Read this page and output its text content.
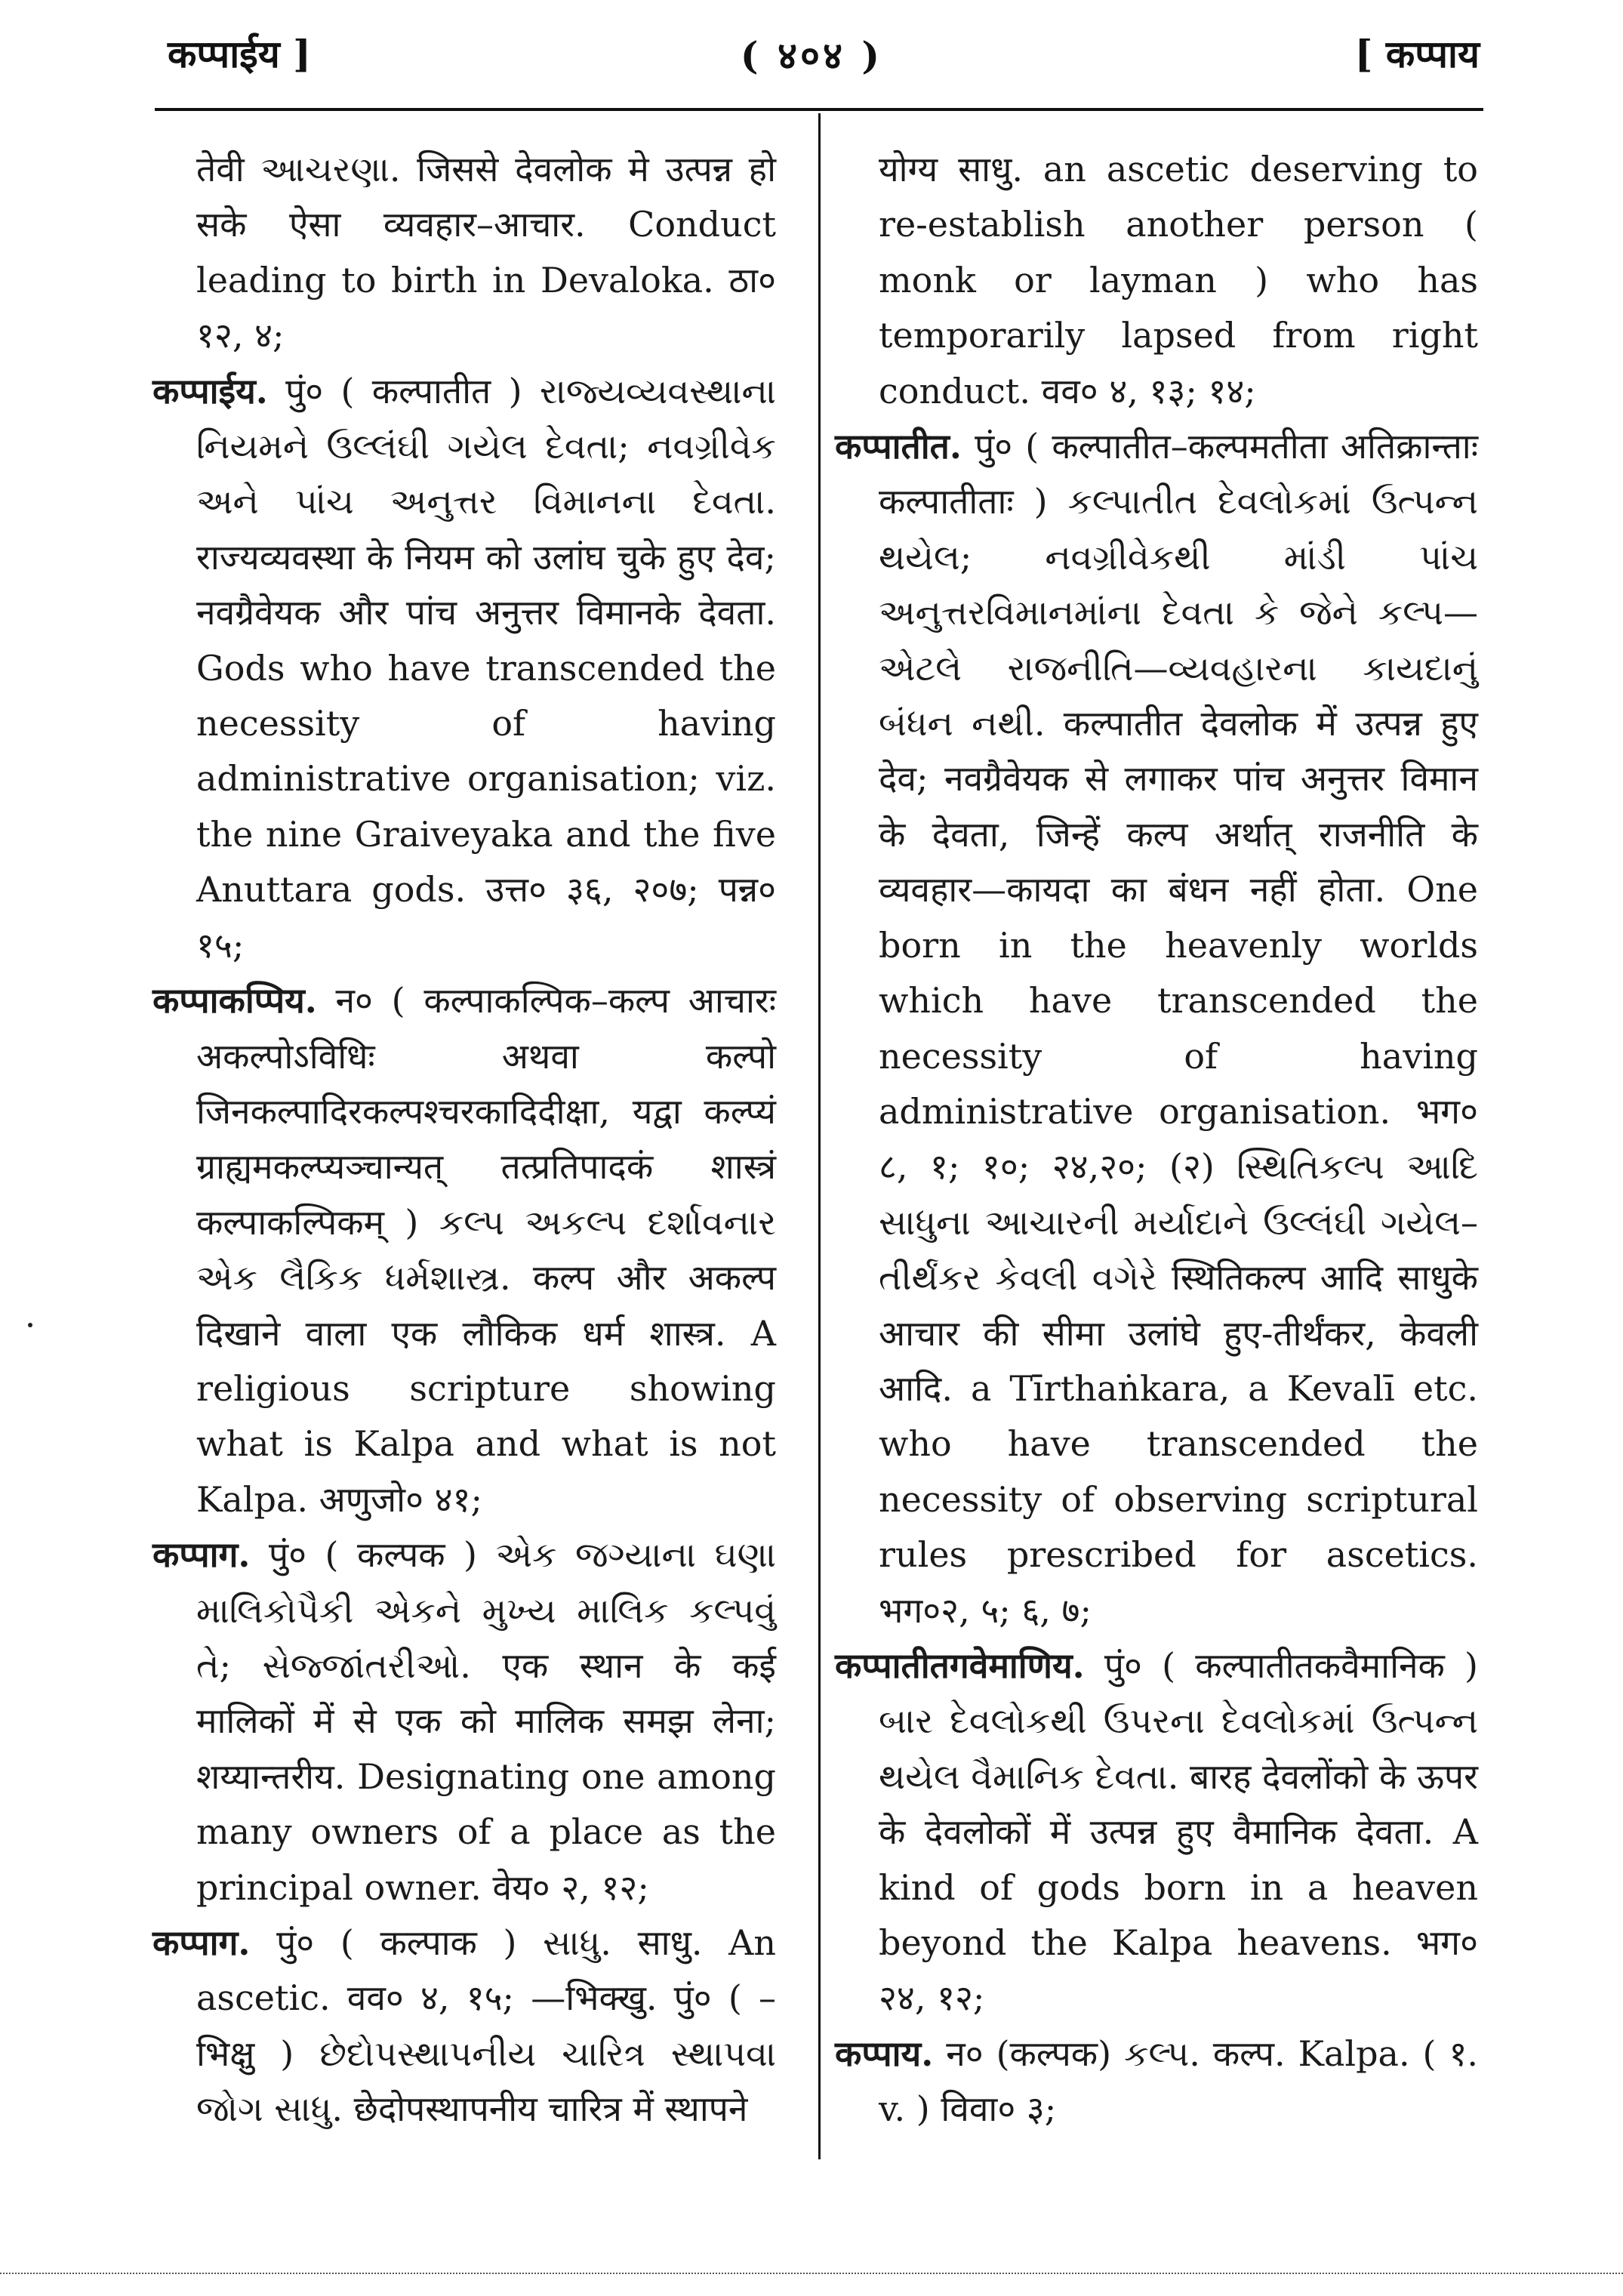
कप्पाईय ]	( ४०४ )	[ कप्पाय

तेवी આચરણા. जिससे देवलोक मे उत्पन्न हो सके ऐसा व्यवहार–आचार. Conduct leading to birth in Devaloka. ठा० १२, ४;

कप्पाईय. पुं० ( कल्पातीत ) રાજ્યવ્યવસ્થાના નિયમને ઉલ્લંઘી ગયેલ દેવતા; નવગ્રીવેક અને પાંચ અનુત્તર વિમાનના દેવતા. राज्यव्यवस्था के नियम को उलांघ चुके हुए देव; नवग्रैवेयक और पांच अनुत्तर विमानके देवता. Gods who have transcended the necessity of having administrative organisation; viz. the nine Graiveyaka and the five Anuttara gods. उत्त० ३६, २०७; पन्न० १५;

कप्पाकप्पिय. न० ( कल्पाकल्पिक–कल्प आचारः अकल्पोऽविधिः अथवा कल्पो जिनकल्पादिरकल्पश्चरकादिदीक्षा, यद्वा कल्प्यं ग्राह्यमकल्प्यञ्चान्यत् तत्प्रतिपादकं शास्त्रं कल्पाकल्पिकम् ) કલ્પ અકલ્પ દર્શાવનાર એક લૈકિક ધર્મશાસ્ત્ર. कल्प और अकल्प दिखाने वाला एक लौकिक धर्म शास्त्र. A religious scripture showing what is Kalpa and what is not Kalpa. अणुजो० ४१;

कप्पाग. पुं० ( कल्पक ) એક જગ્યાના ઘણા માલિકોપૈકી એકને મુખ્ય માલિક કલ્પવું તે; સેજ્જાંતરીઓ. एक स्थान के कई मालिकों में से एक को मालिक समझ लेना; शय्यान्तरीय. Designating one among many owners of a place as the principal owner. वेय० २, १२;

कप्पाग. पुं० ( कल्पाक ) સાધુ. साधु. An ascetic. वव० ४, १५; —भिक्खु. पुं० ( –भिक्षु ) છેદોપસ્થાપનીય ચારિત્ર સ્થાપવા જોગ સાધુ. छेदोपस्थापनीय चारित्र में स्थापने

योग्य साधु. an ascetic deserving to re-establish another person ( monk or layman ) who has temporarily lapsed from right conduct. वव० ४, १३; १४;

कप्पातीत. पुं० ( कल्पातीत–कल्पमतीता अतिक्रान्ताः कल्पातीताः ) કલ્પાતીત દેવલોકમાં ઉત્પન્ન થયેલ; નવગ્રીવેકથી માંડી પાંચ અનુત્તરવિમાનમાંના દેવતા કે જેને કલ્પ—એટલે રાજનીતિ—વ્યવહારના કાયદાનું બંધન નથી. कल्पातीत देवलोक में उत्पन्न हुए देव; नवग्रैवेयक से लगाकर पांच अनुत्तर विमान के देवता, जिन्हें कल्प अर्थात् राजनीति के व्यवहार—कायदा का बंधन नहीं होता. One born in the heavenly worlds which have transcended the necessity of having administrative organisation. भग० ८, १; १०; २४,२०; (२) સ્થિતિકલ્પ આદિ સાધુના આચારની મર્યાદાને ઉલ્લંઘી ગયેલ–તીર્થંકર કેવલી વગેરે स्थितिकल्प आदि साधुके आचार की सीमा उलांघे हुए-तीर्थंकर, केवली आदि. a Tīrthaṅkara, a Kevalī etc. who have transcended the necessity of observing scriptural rules prescribed for ascetics. भग०२, ५; ६, ७;

कप्पातीतगवेमाणिय. पुं० ( कल्पातीतकवैमानिक ) બાર દેવલોકથી ઉપરના દેવલોકમાં ઉત્પન્ન થયેલ વૈમાનિક દેવતા. बारह देवलोंको के ऊपर के देवलोकों में उत्पन्न हुए वैमानिक देवता. A kind of gods born in a heaven beyond the Kalpa heavens. भग० २४, १२;

कप्पाय. न० (कल्पक) કલ્પ. कल्प. Kalpa. ( १. v. ) विवा० ३;
